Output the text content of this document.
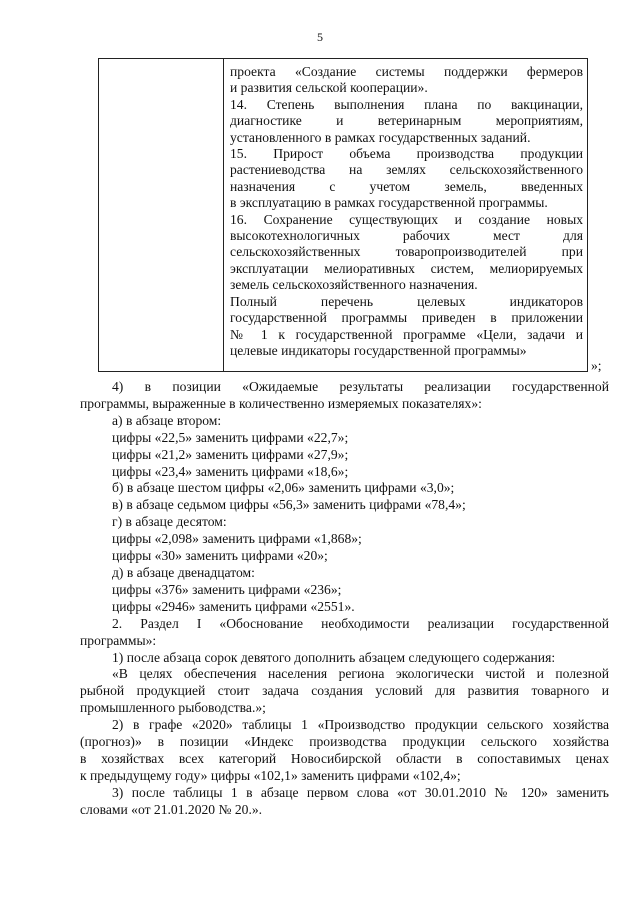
5

проекта «Создание системы поддержки фермеров

и развития сельской кооперации».

14. Степень выполнения плана по вакцинации,

диагностике и ветеринарным мероприятиям,

установленного в рамках государственных заданий.

15. Прирост объема производства продукции

растениеводства на землях сельскохозяйственного

назначения с учетом земель, введенных

в эксплуатацию в рамках государственной программы.

16. Сохранение существующих и создание новых

высокотехнологичных рабочих мест для

сельскохозяйственных товаропроизводителей при

эксплуатации мелиоративных систем, мелиорируемых

земель сельскохозяйственного назначения.

Полный перечень целевых индикаторов

государственной программы приведен в приложении

№ 1 к государственной программе «Цели, задачи и

целевые индикаторы государственной программы»

»;

4) в позиции «Ожидаемые результаты реализации государственной

программы, выраженные в количественно измеряемых показателях»:

а) в абзаце втором:

цифры «22,5» заменить цифрами «22,7»;

цифры «21,2» заменить цифрами «27,9»;

цифры «23,4» заменить цифрами «18,6»;

б) в абзаце шестом цифры «2,06» заменить цифрами «3,0»;

в) в абзаце седьмом цифры «56,3» заменить цифрами «78,4»;

г) в абзаце десятом:

цифры «2,098» заменить цифрами «1,868»;

цифры «30» заменить цифрами «20»;

д) в абзаце двенадцатом:

цифры «376» заменить цифрами «236»;

цифры «2946» заменить цифрами «2551».

2. Раздел I «Обоснование необходимости реализации государственной

программы»:

1) после абзаца сорок девятого дополнить абзацем следующего содержания:

«В целях обеспечения населения региона экологически чистой и полезной

рыбной продукцией стоит задача создания условий для развития товарного и

промышленного рыбоводства.»;

2) в графе «2020» таблицы 1 «Производство продукции сельского хозяйства

(прогноз)» в позиции «Индекс производства продукции сельского хозяйства

в хозяйствах всех категорий Новосибирской области в сопоставимых ценах

к предыдущему году» цифры «102,1» заменить цифрами «102,4»;

3) после таблицы 1 в абзаце первом слова «от 30.01.2010 № 120» заменить

словами «от 21.01.2020 № 20.».
